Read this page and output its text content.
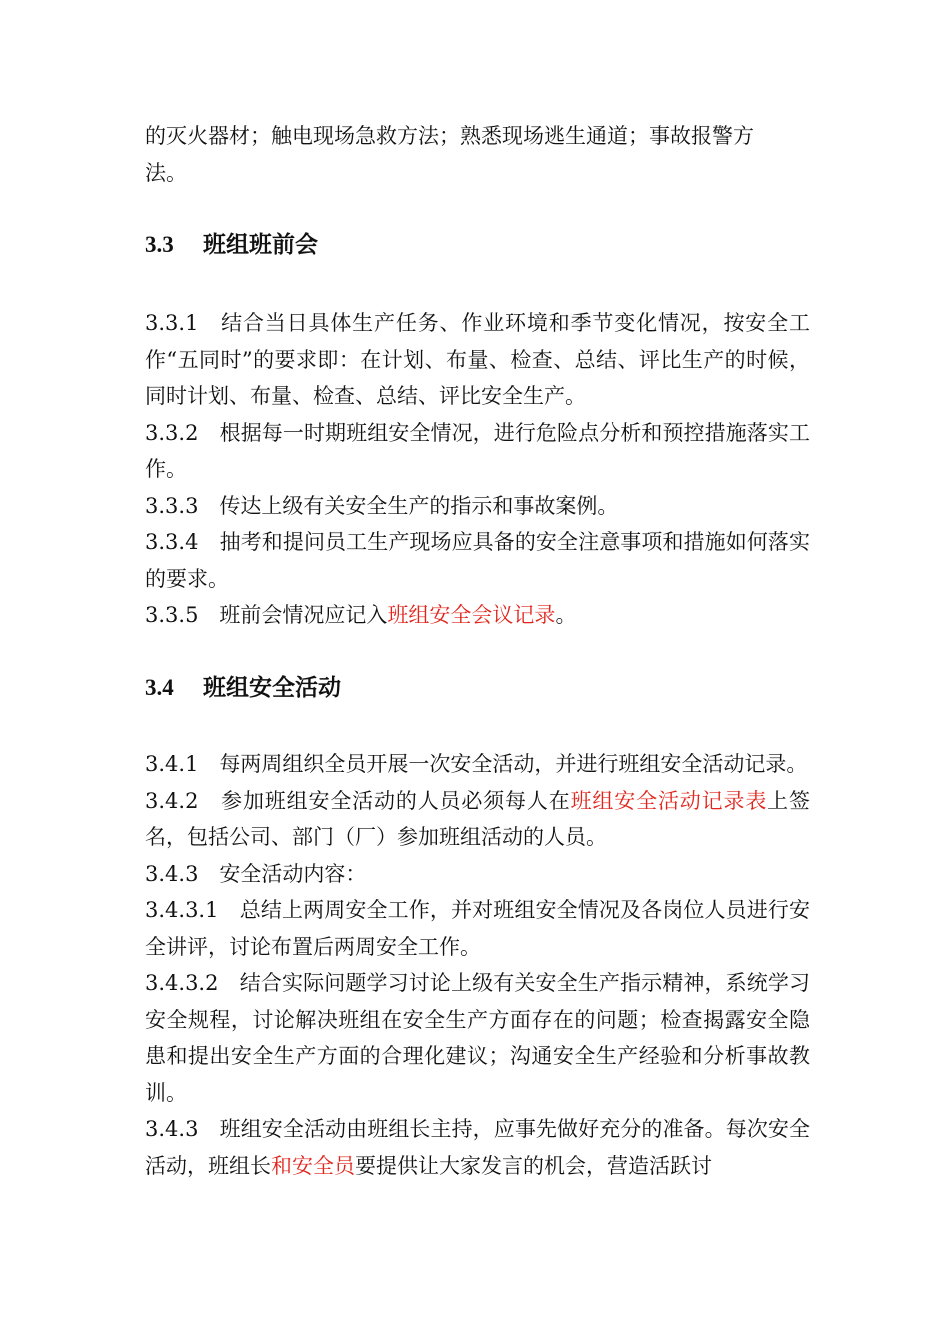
的灭火器材；触电现场急救方法；熟悉现场逃生通道；事故报警方

法。

3.3 班组班前会

3.3.1　结合当日具体生产任务、作业环境和季节变化情况，按安全工作“五同时”的要求即：在计划、布量、检查、总结、评比生产的时候，同时计划、布量、检查、总结、评比安全生产。

3.3.2　根据每一时期班组安全情况，进行危险点分析和预控措施落实工作。

3.3.3　传达上级有关安全生产的指示和事故案例。

3.3.4　抽考和提问员工生产现场应具备的安全注意事项和措施如何落实的要求。

3.3.5　班前会情况应记入班组安全会议记录。

3.4 班组安全活动

3.4.1　每两周组织全员开展一次安全活动，并进行班组安全活动记录。

3.4.2　参加班组安全活动的人员必须每人在班组安全活动记录表上签名，包括公司、部门（厂）参加班组活动的人员。

3.4.3　安全活动内容：

3.4.3.1　总结上两周安全工作，并对班组安全情况及各岗位人员进行安全讲评，讨论布置后两周安全工作。

3.4.3.2　结合实际问题学习讨论上级有关安全生产指示精神，系统学习安全规程，讨论解决班组在安全生产方面存在的问题；检查揭露安全隐患和提出安全生产方面的合理化建议；沟通安全生产经验和分析事故教训。

3.4.3　班组安全活动由班组长主持，应事先做好充分的准备。每次安全活动，班组长和安全员要提供让大家发言的机会，营造活跃讨
